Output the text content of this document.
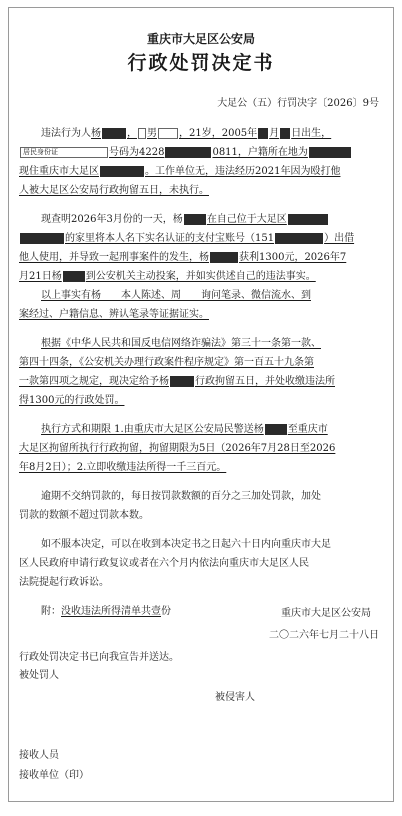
重庆市大足区公安局
行政处罚决定书
大足公（五）行罚决字〔2026〕9号
违法行为人杨	， 男 ，21岁，2005年 月 日出生，
居民身份证	号码为4228	0811，户籍所在地为
现住重庆市大足区	。工作单位无，违法经历2021年因为殴打他
人被大足区公安局行政拘留五日，未执行。
现查明2026年3月份的一天，杨 在自己位于大足区
的家里将本人名下实名认证的支付宝账号（151	）出借
他人使用，并导致一起刑事案件的发生，杨	获利1300元，2026年7
月21日杨 到公安机关主动投案，并如实供述自己的违法事实。
以上事实有杨　　本人陈述、周　　询问笔录、微信流水、到
案经过、户籍信息、辨认笔录等证据证实。
根据《中华人民共和国反电信网络诈骗法》第三十一条第一款、
第四十四条，《公安机关办理行政案件程序规定》第一百五十九条第
一款第四项之规定，现决定给予杨	行政拘留五日，并处收缴违法所
得1300元的行政处罚。
执行方式和期限 1.由重庆市大足区公安局民警送杨 至重庆市
大足区拘留所执行行政拘留，拘留期限为5日（2026年7月28日至2026
年8月2日）；2.立即收缴违法所得一千三百元。
逾期不交纳罚款的，每日按罚款数额的百分之三加处罚款，加处
罚款的数额不超过罚款本数。
如不服本决定，可以在收到本决定书之日起六十日内向重庆市大足
区人民政府申请行政复议或者在六个月内依法向重庆市大足区人民
法院提起行政诉讼。
附：没收违法所得清单共壹份	重庆市大足区公安局
二〇二六年七月二十八日
行政处罚决定书已向我宣告并送达。
被处罚人
被侵害人
接收人员
接收单位（印）
